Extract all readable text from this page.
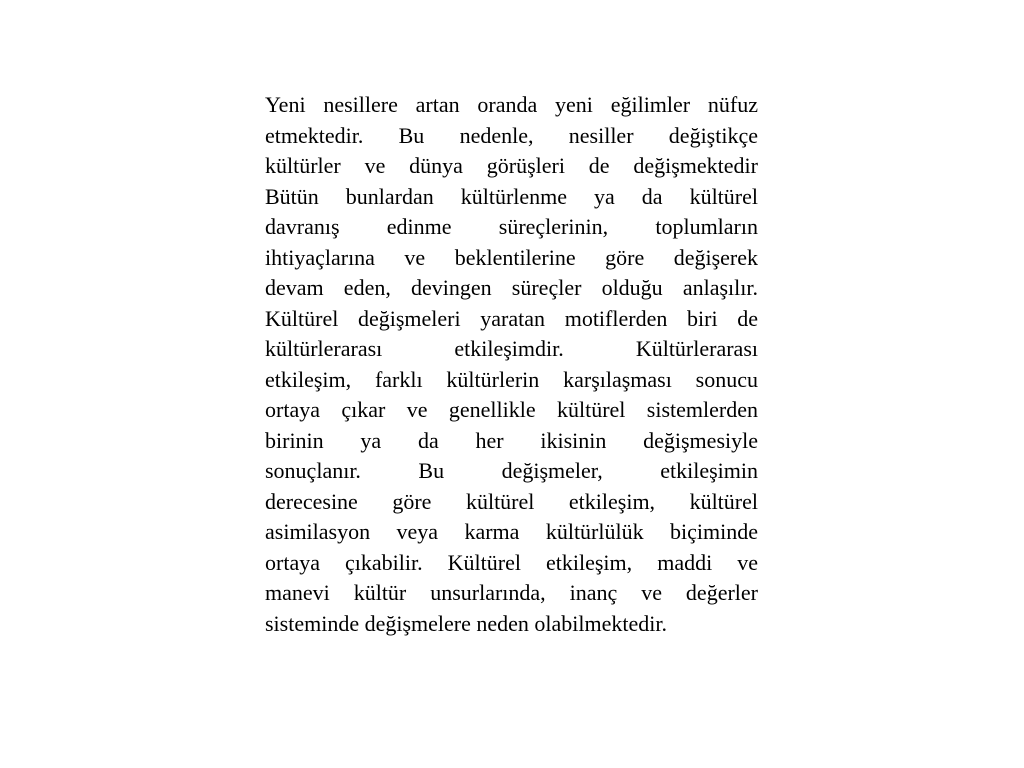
Yeni nesillere artan oranda yeni eğilimler nüfuz
etmektedir. Bu nedenle, nesiller değiştikçe
kültürler ve dünya görüşleri de değişmektedir
Bütün bunlardan kültürlenme ya da kültürel
davranış edinme süreçlerinin, toplumların
ihtiyaçlarına ve beklentilerine göre değişerek
devam eden, devingen süreçler olduğu anlaşılır.
Kültürel değişmeleri yaratan motiflerden biri de
kültürlerarası etkileşimdir. Kültürlerarası
etkileşim, farklı kültürlerin karşılaşması sonucu
ortaya çıkar ve genellikle kültürel sistemlerden
birinin ya da her ikisinin değişmesiyle
sonuçlanır. Bu değişmeler, etkileşimin
derecesine göre kültürel etkileşim, kültürel
asimilasyon veya karma kültürlülük biçiminde
ortaya çıkabilir. Kültürel etkileşim, maddi ve
manevi kültür unsurlarında, inanç ve değerler
sisteminde değişmelere neden olabilmektedir.
